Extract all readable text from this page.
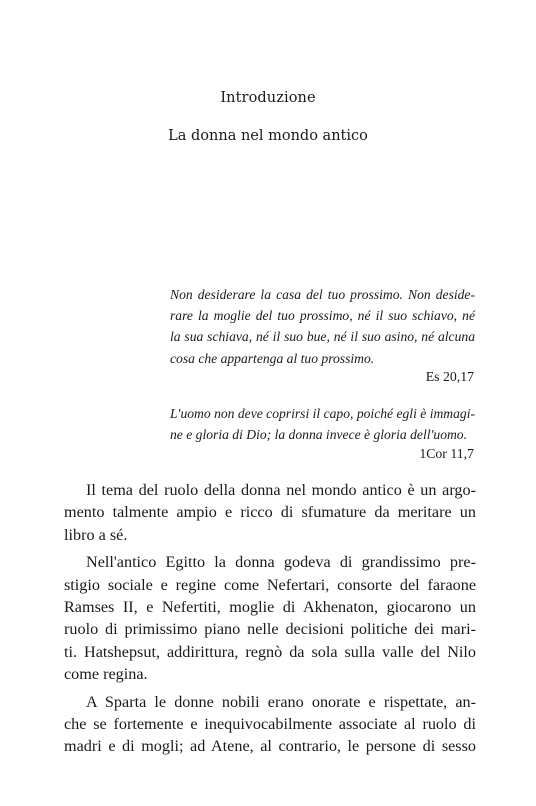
Introduzione
La donna nel mondo antico
Non desiderare la casa del tuo prossimo. Non deside-
rare la moglie del tuo prossimo, né il suo schiavo, né
la sua schiava, né il suo bue, né il suo asino, né alcuna
cosa che appartenga al tuo prossimo.
Es 20,17
L'uomo non deve coprirsi il capo, poiché egli è immagi-
ne e gloria di Dio; la donna invece è gloria dell'uomo.
1Cor 11,7
Il tema del ruolo della donna nel mondo antico è un argo-
mento talmente ampio e ricco di sfumature da meritare un
libro a sé.
Nell'antico Egitto la donna godeva di grandissimo pre-
stigio sociale e regine come Nefertari, consorte del faraone
Ramses II, e Nefertiti, moglie di Akhenaton, giocarono un
ruolo di primissimo piano nelle decisioni politiche dei mari-
ti. Hatshepsut, addirittura, regnò da sola sulla valle del Nilo
come regina.
A Sparta le donne nobili erano onorate e rispettate, an-
che se fortemente e inequivocabilmente associate al ruolo di
madri e di mogli; ad Atene, al contrario, le persone di sesso
